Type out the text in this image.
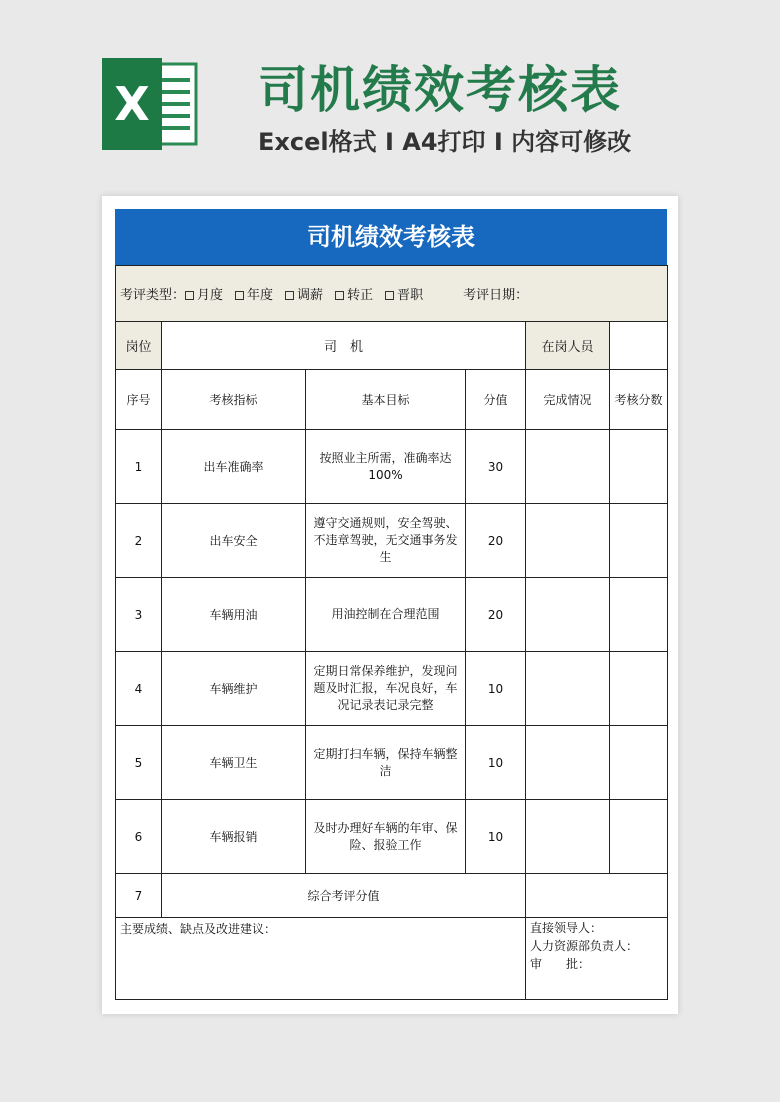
X 司机绩效考核表
Excel格式 Ⅰ A4打印 Ⅰ 内容可修改
司机绩效考核表
考评类型： 月度 年度 调薪 转正 晋职 考评日期：					
岗位	司　机			在岗人员	
序号	考核指标	基本目标	分值	完成情况	考核分数
1	出车准确率	按照业主所需，准确率达100%	30		
2	出车安全	遵守交通规则，安全驾驶、不违章驾驶，无交通事务发生	20		
3	车辆用油	用油控制在合理范围	20		
4	车辆维护	定期日常保养维护，发现问题及时汇报，车况良好，车况记录表记录完整	10		
5	车辆卫生	定期打扫车辆，保持车辆整洁	10		
6	车辆报销	及时办理好车辆的年审、保险、报验工作	10		
7	综合考评分值				
主要成绩、缺点及改进建议：				直接领导人：
人力资源部负责人：
审　　批：	
